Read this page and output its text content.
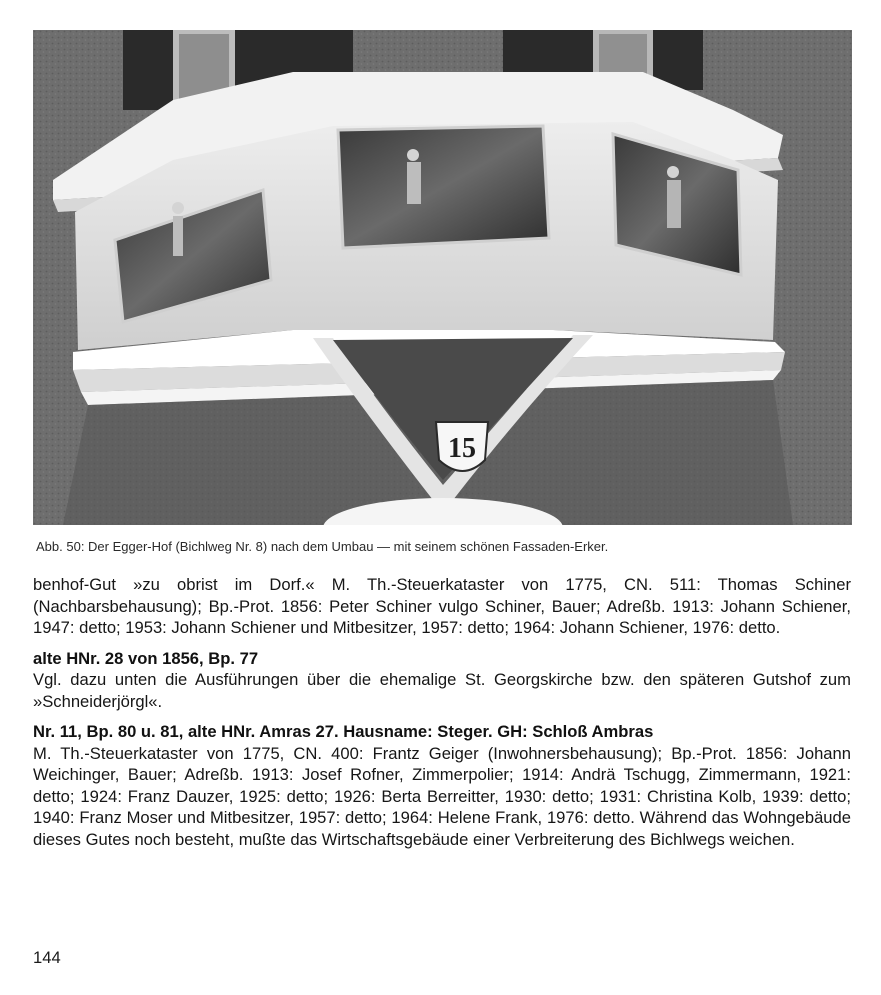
15
Abb. 50: Der Egger-Hof (Bichlweg Nr. 8) nach dem Umbau — mit seinem schönen Fassaden-Erker.

benhof-Gut »zu obrist im Dorf.« M. Th.-Steuerkataster von 1775, CN. 511: Thomas Schiner (Nachbarsbehausung); Bp.-Prot. 1856: Peter Schiner vulgo Schiner, Bauer; Adreßb. 1913: Johann Schiener, 1947: detto; 1953: Johann Schiener und Mitbesitzer, 1957: detto; 1964: Johann Schiener, 1976: detto.

alte HNr. 28 von 1856, Bp. 77

Vgl. dazu unten die Ausführungen über die ehemalige St. Georgskirche bzw. den späteren Gutshof zum »Schneiderjörgl«.

Nr. 11, Bp. 80 u. 81, alte HNr. Amras 27. Hausname: Steger. GH: Schloß Ambras

M. Th.-Steuerkataster von 1775, CN. 400: Frantz Geiger (Inwohnersbehausung); Bp.-Prot. 1856: Johann Weichinger, Bauer; Adreßb. 1913: Josef Rofner, Zimmerpolier; 1914: Andrä Tschugg, Zimmermann, 1921: detto; 1924: Franz Dauzer, 1925: detto; 1926: Berta Berreitter, 1930: detto; 1931: Christina Kolb, 1939: detto; 1940: Franz Moser und Mitbesitzer, 1957: detto; 1964: Helene Frank, 1976: detto. Während das Wohngebäude dieses Gutes noch besteht, mußte das Wirtschaftsgebäude einer Verbreiterung des Bichlwegs weichen.

144
